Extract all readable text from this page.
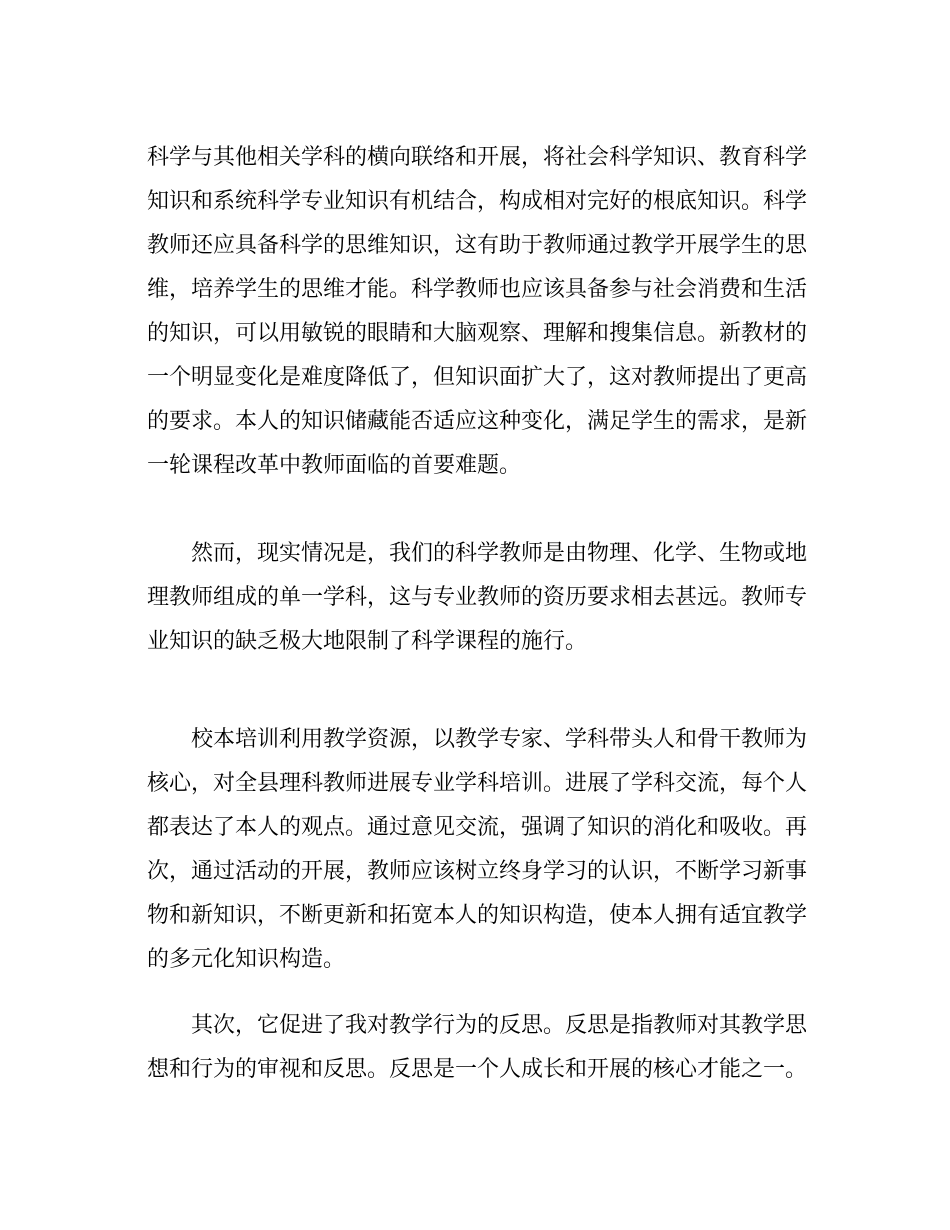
科学与其他相关学科的横向联络和开展，将社会科学知识、教育科学知识和系统科学专业知识有机结合，构成相对完好的根底知识。科学教师还应具备科学的思维知识，这有助于教师通过教学开展学生的思维，培养学生的思维才能。科学教师也应该具备参与社会消费和生活的知识，可以用敏锐的眼睛和大脑观察、理解和搜集信息。新教材的一个明显变化是难度降低了，但知识面扩大了，这对教师提出了更高的要求。本人的知识储藏能否适应这种变化，满足学生的需求，是新一轮课程改革中教师面临的首要难题。

然而，现实情况是，我们的科学教师是由物理、化学、生物或地理教师组成的单一学科，这与专业教师的资历要求相去甚远。教师专业知识的缺乏极大地限制了科学课程的施行。

校本培训利用教学资源，以教学专家、学科带头人和骨干教师为核心，对全县理科教师进展专业学科培训。进展了学科交流，每个人都表达了本人的观点。通过意见交流，强调了知识的消化和吸收。再次，通过活动的开展，教师应该树立终身学习的认识，不断学习新事物和新知识，不断更新和拓宽本人的知识构造，使本人拥有适宜教学的多元化知识构造。

其次，它促进了我对教学行为的反思。反思是指教师对其教学思想和行为的审视和反思。反思是一个人成长和开展的核心才能之一。
